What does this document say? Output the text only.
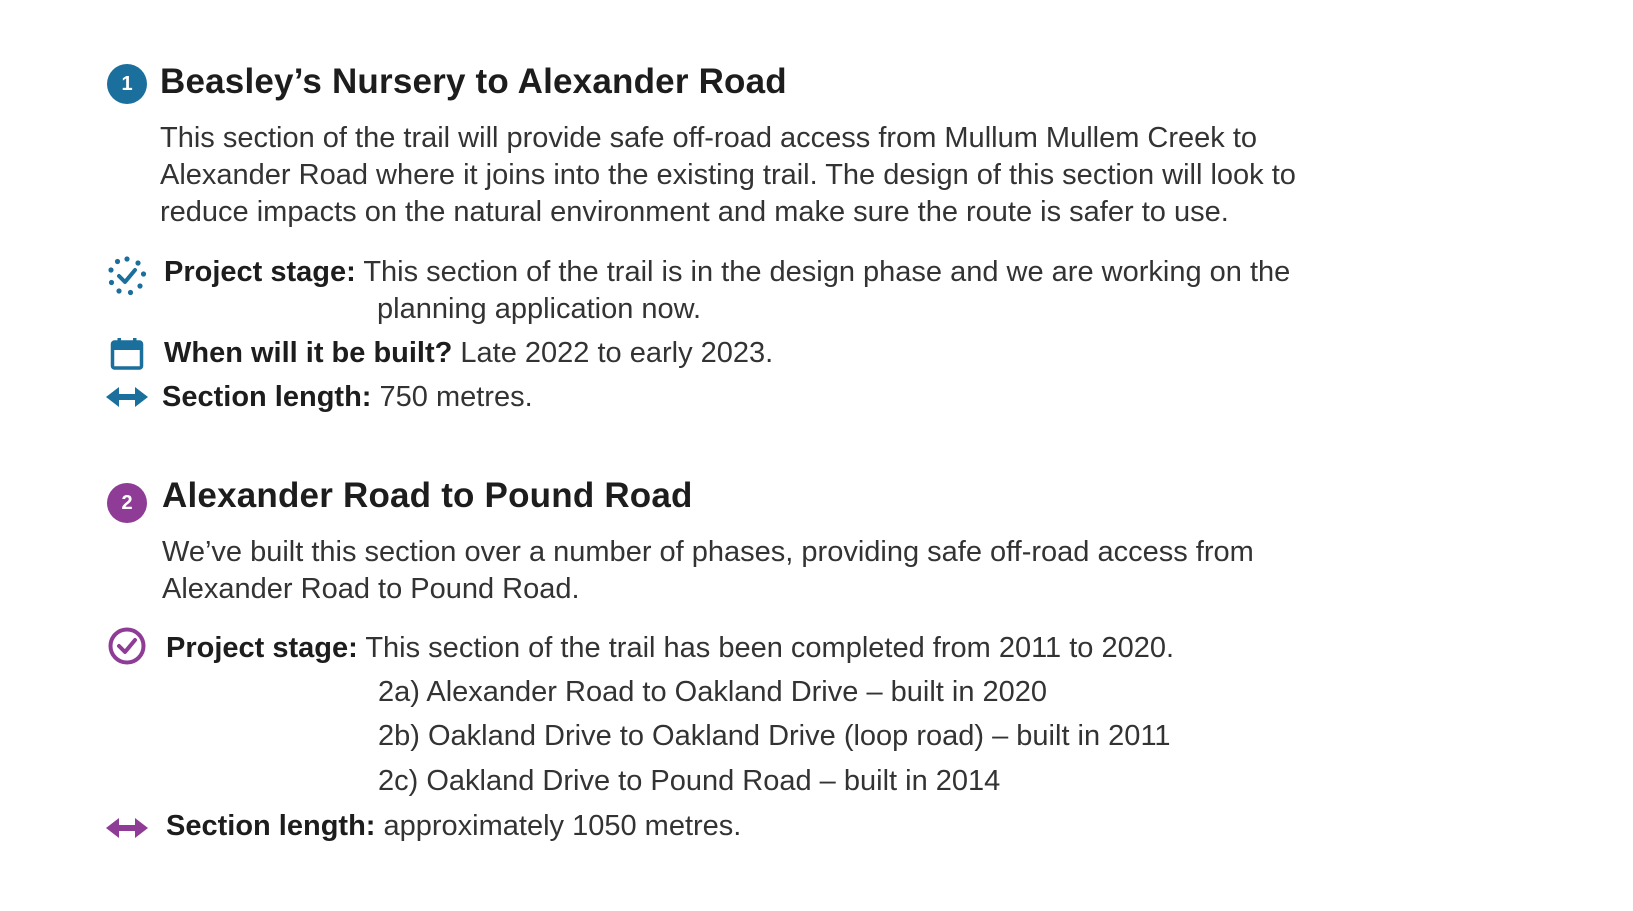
1 Beasley’s Nursery to Alexander Road
This section of the trail will provide safe off-road access from Mullum Mullem Creek to
Alexander Road where it joins into the existing trail. The design of this section will look to
reduce impacts on the natural environment and make sure the route is safer to use.
Project stage: This section of the trail is in the design phase and we are working on the
planning application now.
When will it be built? Late 2022 to early 2023.
Section length: 750 metres.
2 Alexander Road to Pound Road
We’ve built this section over a number of phases, providing safe off-road access from
Alexander Road to Pound Road.
Project stage: This section of the trail has been completed from 2011 to 2020.
2a) Alexander Road to Oakland Drive – built in 2020
2b) Oakland Drive to Oakland Drive (loop road) – built in 2011
2c) Oakland Drive to Pound Road – built in 2014
Section length: approximately 1050 metres.
